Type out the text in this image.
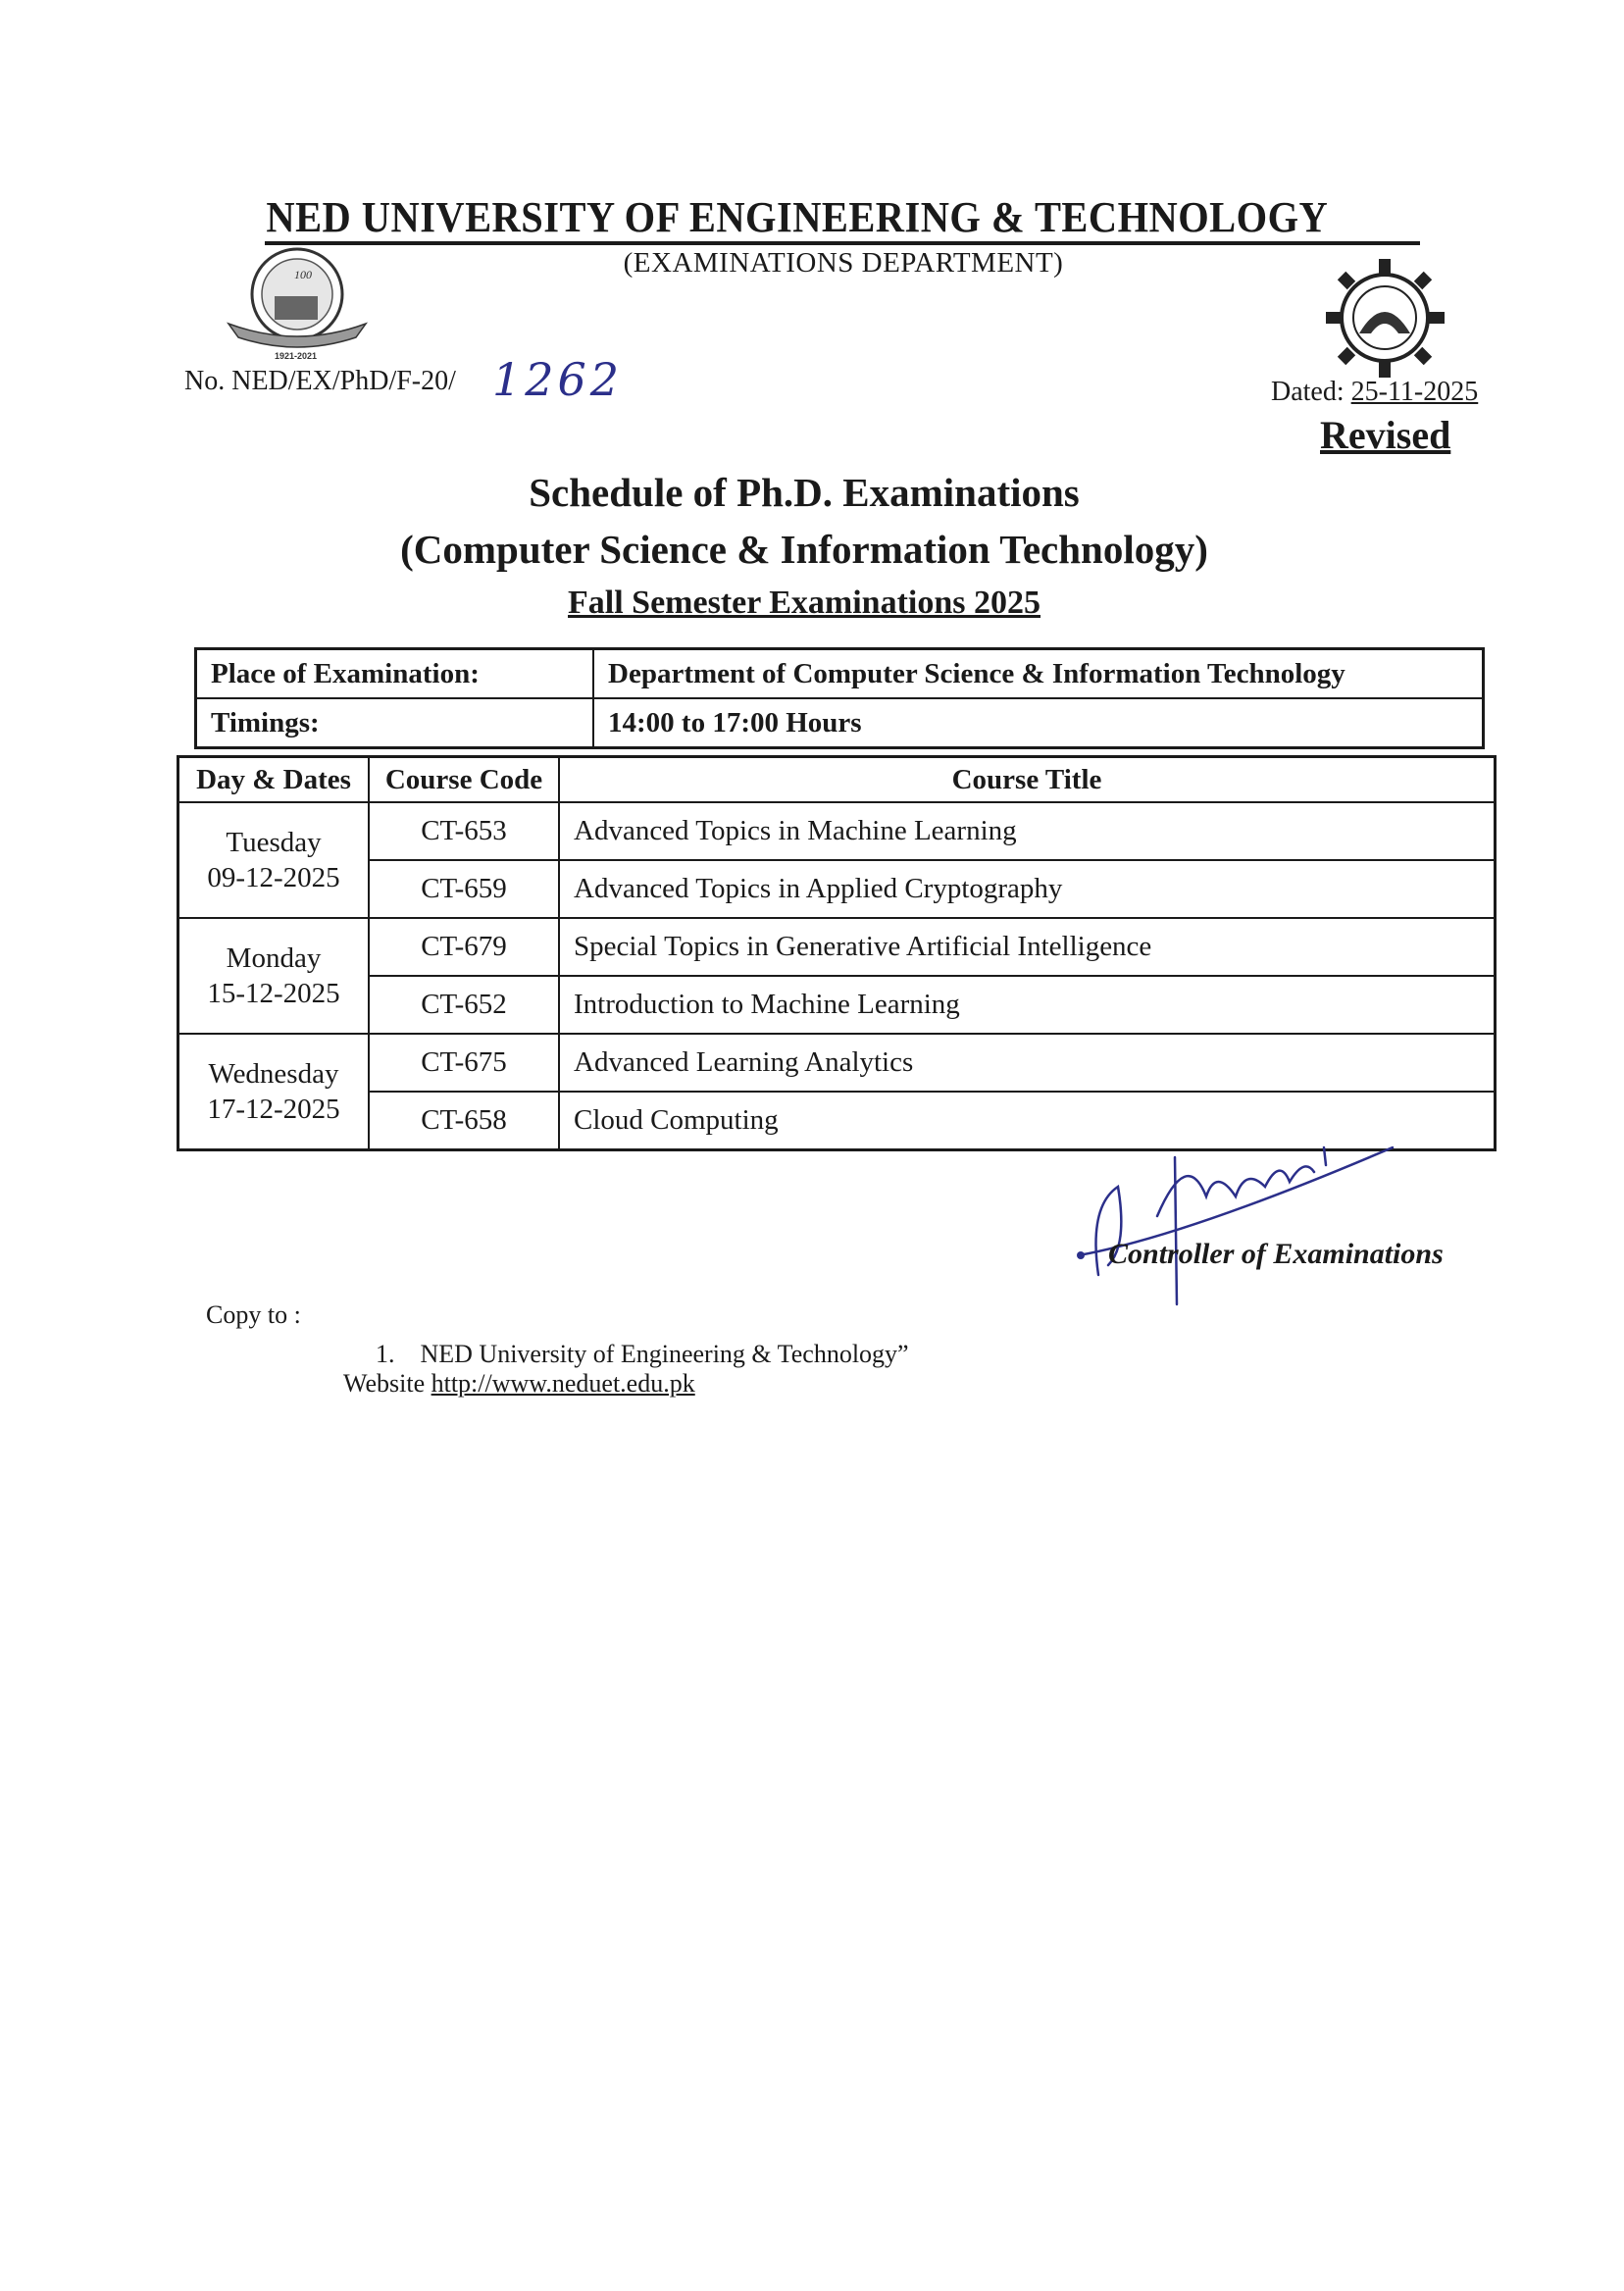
NED UNIVERSITY OF ENGINEERING & TECHNOLOGY
(EXAMINATIONS DEPARTMENT)
100
1921-2021
No. NED/EX/PhD/F-20/ 1262	Dated: 25-11-2025
Revised
Schedule of Ph.D. Examinations
(Computer Science & Information Technology)
Fall Semester Examinations 2025
Place of Examination:	Department of Computer Science & Information Technology
Timings:	14:00 to 17:00 Hours
Day & Dates	Course Code	Course Title

Tuesday
09-12-2025	CT-653	Advanced Topics in Machine Learning
	CT-659	Advanced Topics in Applied Cryptography

Monday
15-12-2025	CT-679	Special Topics in Generative Artificial Intelligence
	CT-652	Introduction to Machine Learning

Wednesday
17-12-2025	CT-675	Advanced Learning Analytics
	CT-658	Cloud Computing
Controller of Examinations
Copy to :
1. NED University of Engineering & Technology”
Website http://www.neduet.edu.pk
